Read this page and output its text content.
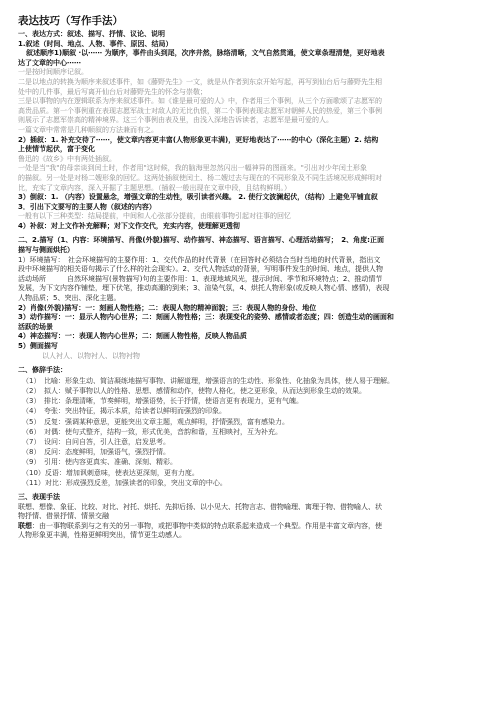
表达技巧（写作手法）
一、表达方式：叙述、描写、抒情、议论、说明
1.叙述（时间、地点、人物、事件、原因、结局）
叙述顺序1)顺叙 ·以⋯⋯ 为顺序，事件由头到尾，次序井然，脉络清晰，文气自然贯通，使文章条理清楚，更好地表
达了文章的中心⋯⋯
一是按时间顺序记叙。
二是以地点的转换为顺序来叙述事件，如《藤野先生》一文，就是从作者到东京开始写起，再写到仙台后与藤野先生相
处中的几件事，最后写离开仙台后对藤野先生的怀念与崇敬；
三是以事物的内在逻辑联系为序来叙述事件。如《谁是最可爱的人》中，作者用三个事例，从三个方面歌颂了志愿军的
高贵品质。第一个事例重在表现志愿军战士对敌人的无比仇恨，第二个事例表现志愿军对朝鲜人民的热爱，第三个事例
则展示了志愿军崇高的精神境界。这三个事例由表及里，由浅入深地告诉读者，志愿军是最可爱的人。
一篇文章中常常是几种顺叙的方法兼而有之。
2）插叙：1. 补充交待了⋯⋯，使文章内容更丰富(人物形象更丰满)，更好地表达了⋯⋯的中心（深化主题）2. 结构
上使情节起伏，富于变化
鲁迅的《故乡》中有两处插叙。
一处是当"我"的母亲谈到闰土时，作者用"这时候，我的脑海里忽然闪出一幅神异的图画来。"引出对少年闰土形象
的描叙。另一处是对杨二嫂形象的回忆。这两处插叙使闰土、杨二嫂过去与现在的不同形象及不同生活境况形成鲜明对
比，充实了文章内容，深入开掘了主题思想。（插叙一般出现在文章中段，且结构鲜明。）
3）倒叙：1. （内容）设置悬念，增强文章的生动性，吸引读者兴趣。 2. 使行文波澜起伏，（结构）上避免平铺直叙
3．引出下文要写的主要人物（叙述的内容）
一般有以下三种类型：结局提前，中间和人心弦部分提前，由眼前事物引起对往事的回忆
4）补叙：对上文作补充解释；对下文作交代，充实内容，使理解更透彻
二、2.描写（1、内容：环境描写、肖像(外貌)描写、动作描写、神态描写、语言描写、心理活动描写；　2、角度:正面
描写与侧面烘托）
1）环境描写：　社会环境描写的主要作用：1、交代作品的时代背景（在回答时必须结合当时当地的时代背景，指出文
段中环境描写的相关语句揭示了什么样的社会现实）。2、交代人物活动的背景，写明事件发生的时间、地点，提供人物
活动场所　　　自然环境描写(景物描写)句的主要作用：1、表现地域风光，提示时间、季节和环境特点；2、推动情节
发展，为下文内容作铺垫，埋下伏笔，推动高潮的到来；3、渲染气氛，4、烘托人物形象(或反映人物心情、感情)，表现
人物品质；5、突出、深化主题。
2）肖像(外貌)描写：一：刻画人物性格；二：表现人物的精神面貌；三：表现人物的身份、地位
3）动作描写：一：显示人物内心世界；二：刻画人物性格；三：表现变化的姿势、感情或者态度；四：创造生动的画面和
活跃的场景
4）神态描写：一：表现人物内心世界；二：刻画人物性格，反映人物品质
5）侧面描写
以人衬人、以物衬人、以物衬物
二、修辞手法：
（1）　比喻：形象生动、简洁凝练地描写事物、讲解道理，增强语言的生动性、形象性、化抽象为具体，使人易于理解。
（2）　拟人：赋予事物以人的性格、思想、感情和动作，使物人格化，使之更形象，从而达到形象生动的效果。
（3）　排比：条理清晰，节奏鲜明，增强语势，长于抒情，使语言更有表现力，更有气魄。
（4）　夸张：突出特征，揭示本质，给读者以鲜明而强烈的印象。
（5）　反复：强调某种意思，更能突出文章主题，观点鲜明，抒情强烈，富有感染力。
（6）　对偶：使句式整齐，结构一致，形式优美，音韵和谐，互相映衬，互为补充。
（7）　设问：自问自答，引人注意，启发思考。
（8）　反问：态度鲜明，加强语气，强烈抒情。
（9）　引用：使内容更真实、准确、深刻、精彩。
（10）反语：增加讽刺意味，使表达更深刻，更有力度。
（11）对比：形成强烈反差，加强读者的印象，突出文章的中心。
三、表现手法
联想、想像、象征、比较、对比、衬托、烘托、先抑后扬、以小见大、托物言志、借物喻理、寓理于物、借物喻人、状
物抒情、借景抒情、情景交融
联想：由一事物联系到与之有关的另一事物，或把事物中类似的特点联系起来造成一个典型。作用是丰富文章内容，使
人物形象更丰满，性格更鲜明突出，情节更生动感人。
